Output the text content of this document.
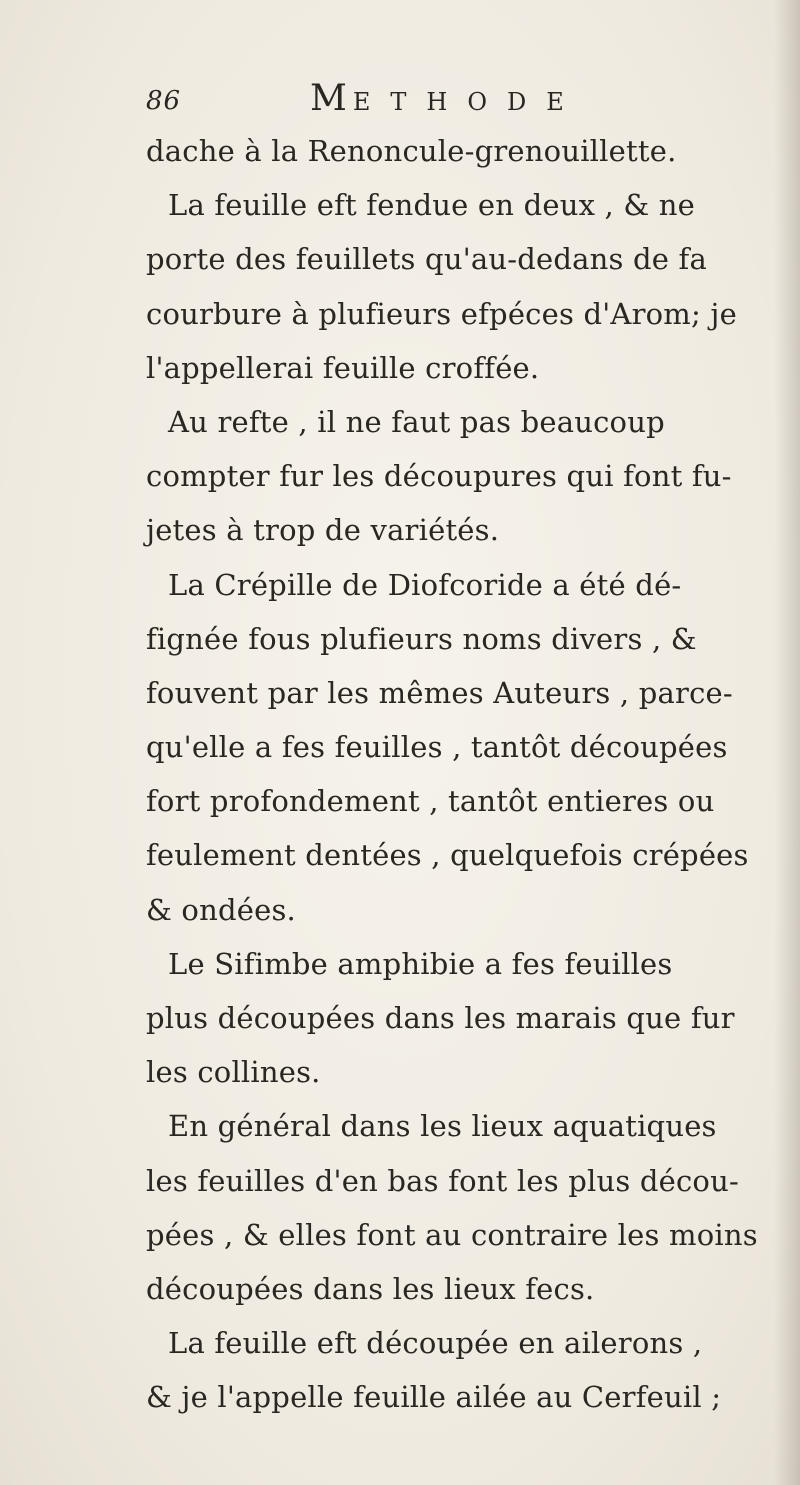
86	METHODE
dache à la Renoncule-grenouillette.
La feuille eft fendue en deux , & ne
porte des feuillets qu'au-dedans de fa
courbure à plufieurs efpéces d'Arom; je
l'appellerai feuille croffée.
Au refte , il ne faut pas beaucoup
compter fur les découpures qui font fu-
jetes à trop de variétés.
La Crépille de Diofcoride a été dé-
fignée fous plufieurs noms divers , &
fouvent par les mêmes Auteurs , parce-
qu'elle a fes feuilles , tantôt découpées
fort profondement , tantôt entieres ou
feulement dentées , quelquefois crépées
& ondées.
Le Sifimbe amphibie a fes feuilles
plus découpées dans les marais que fur
les collines.
En général dans les lieux aquatiques
les feuilles d'en bas font les plus décou-
pées , & elles font au contraire les moins
découpées dans les lieux fecs.
La feuille eft découpée en ailerons ,
& je l'appelle feuille ailée au Cerfeuil ;
